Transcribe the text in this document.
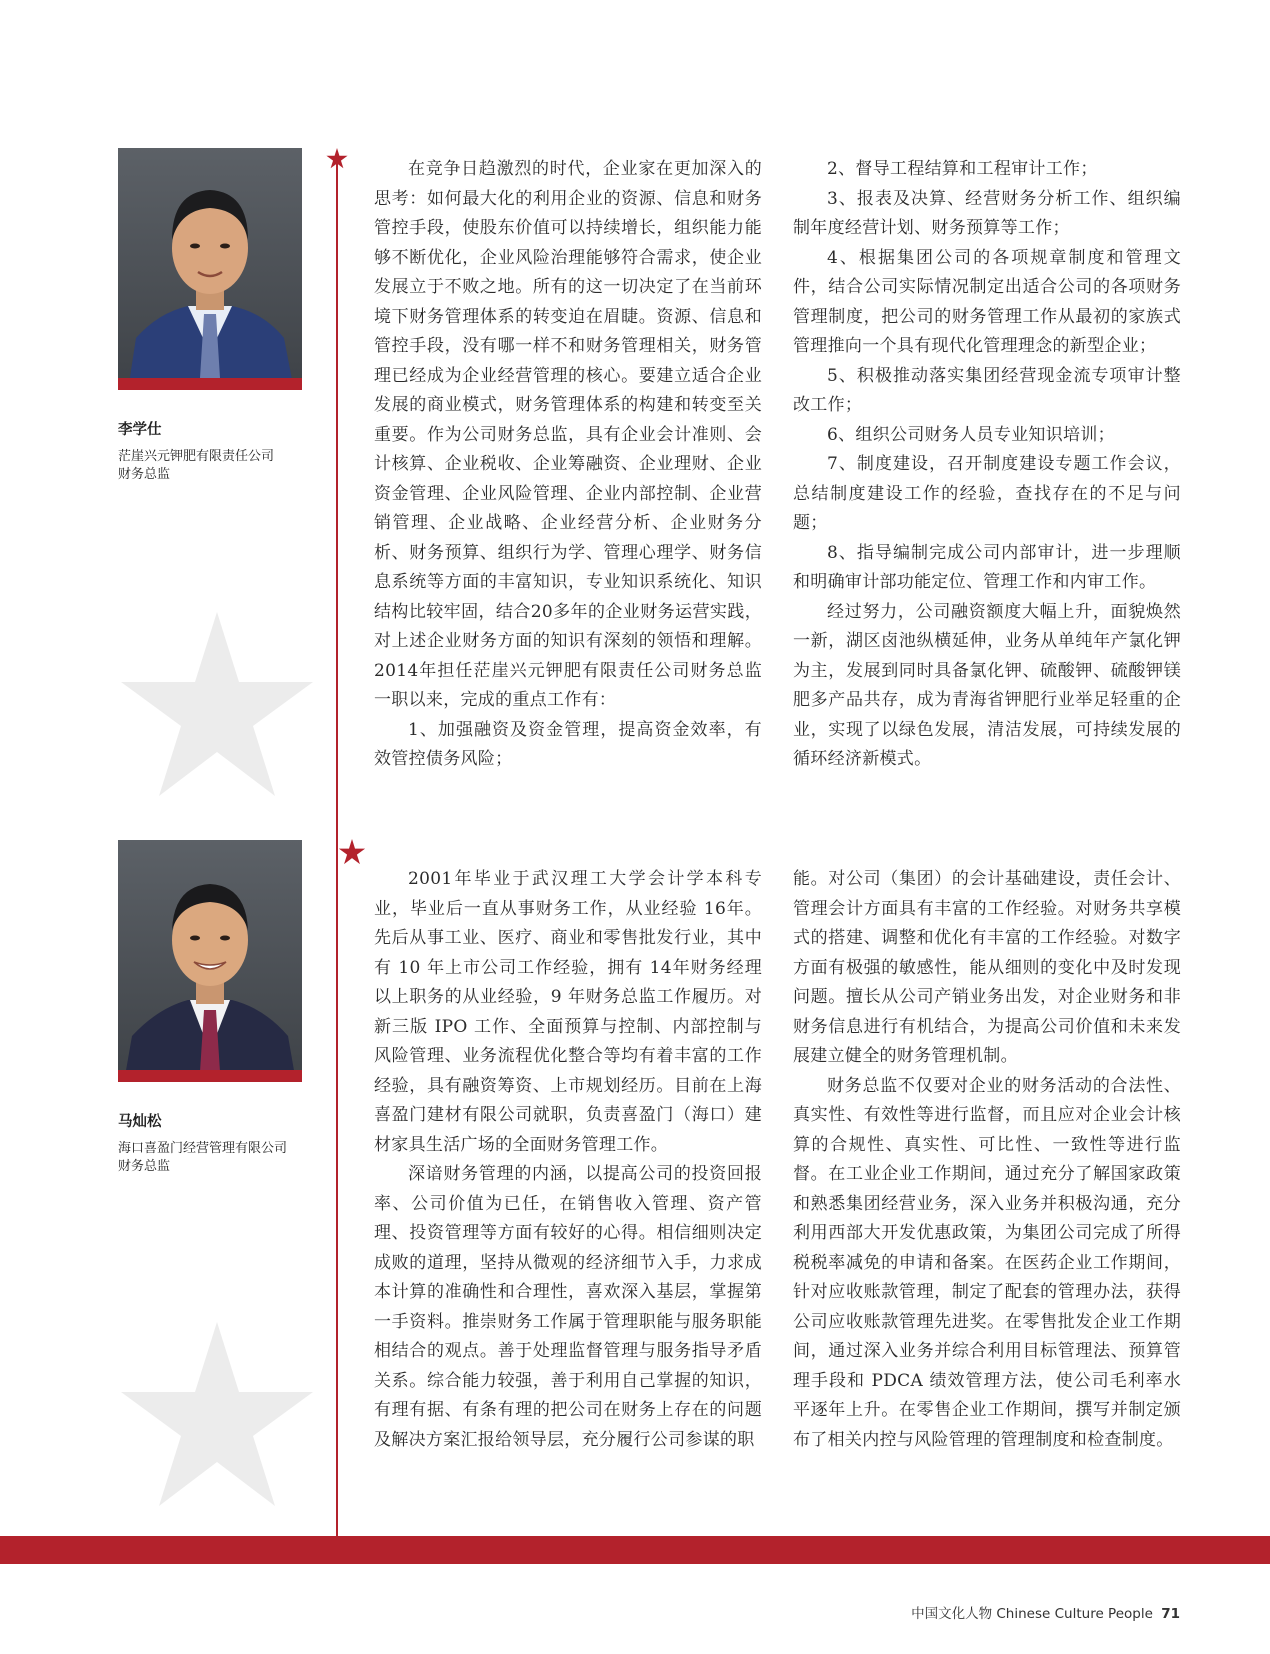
李学仕
茫崖兴元钾肥有限责任公司
财务总监

在竞争日趋激烈的时代，企业家在更加深入的思考：如何最大化的利用企业的资源、信息和财务管控手段，使股东价值可以持续增长，组织能力能够不断优化，企业风险治理能够符合需求，使企业发展立于不败之地。所有的这一切决定了在当前环境下财务管理体系的转变迫在眉睫。资源、信息和管控手段，没有哪一样不和财务管理相关，财务管理已经成为企业经营管理的核心。要建立适合企业发展的商业模式，财务管理体系的构建和转变至关重要。作为公司财务总监，具有企业会计准则、会计核算、企业税收、企业筹融资、企业理财、企业资金管理、企业风险管理、企业内部控制、企业营销管理、企业战略、企业经营分析、企业财务分析、财务预算、组织行为学、管理心理学、财务信息系统等方面的丰富知识，专业知识系统化、知识结构比较牢固，结合20多年的企业财务运营实践，对上述企业财务方面的知识有深刻的领悟和理解。2014年担任茫崖兴元钾肥有限责任公司财务总监一职以来，完成的重点工作有：

1、加强融资及资金管理，提高资金效率，有效管控债务风险；

2、督导工程结算和工程审计工作；

3、报表及决算、经营财务分析工作、组织编制年度经营计划、财务预算等工作；

4、根据集团公司的各项规章制度和管理文件，结合公司实际情况制定出适合公司的各项财务管理制度，把公司的财务管理工作从最初的家族式管理推向一个具有现代化管理理念的新型企业；

5、积极推动落实集团经营现金流专项审计整改工作；

6、组织公司财务人员专业知识培训；

7、制度建设，召开制度建设专题工作会议，总结制度建设工作的经验，查找存在的不足与问题；

8、指导编制完成公司内部审计，进一步理顺和明确审计部功能定位、管理工作和内审工作。

经过努力，公司融资额度大幅上升，面貌焕然一新，湖区卤池纵横延伸，业务从单纯年产氯化钾为主，发展到同时具备氯化钾、硫酸钾、硫酸钾镁肥多产品共存，成为青海省钾肥行业举足轻重的企业，实现了以绿色发展，清洁发展，可持续发展的循环经济新模式。

马灿松
海口喜盈门经营管理有限公司
财务总监

2001年毕业于武汉理工大学会计学本科专业，毕业后一直从事财务工作，从业经验 16年。先后从事工业、医疗、商业和零售批发行业，其中有 10 年上市公司工作经验，拥有 14年财务经理以上职务的从业经验，9 年财务总监工作履历。对新三版 IPO 工作、全面预算与控制、内部控制与风险管理、业务流程优化整合等均有着丰富的工作经验，具有融资筹资、上市规划经历。目前在上海喜盈门建材有限公司就职，负责喜盈门（海口）建材家具生活广场的全面财务管理工作。

深谙财务管理的内涵，以提高公司的投资回报率、公司价值为已任，在销售收入管理、资产管理、投资管理等方面有较好的心得。相信细则决定成败的道理，坚持从微观的经济细节入手，力求成本计算的准确性和合理性，喜欢深入基层，掌握第一手资料。推崇财务工作属于管理职能与服务职能相结合的观点。善于处理监督管理与服务指导矛盾关系。综合能力较强，善于利用自己掌握的知识，有理有据、有条有理的把公司在财务上存在的问题及解决方案汇报给领导层，充分履行公司参谋的职

能。对公司（集团）的会计基础建设，责任会计、管理会计方面具有丰富的工作经验。对财务共享模式的搭建、调整和优化有丰富的工作经验。对数字方面有极强的敏感性，能从细则的变化中及时发现问题。擅长从公司产销业务出发，对企业财务和非财务信息进行有机结合，为提高公司价值和未来发展建立健全的财务管理机制。

财务总监不仅要对企业的财务活动的合法性、真实性、有效性等进行监督，而且应对企业会计核算的合规性、真实性、可比性、一致性等进行监督。在工业企业工作期间，通过充分了解国家政策和熟悉集团经营业务，深入业务并积极沟通，充分利用西部大开发优惠政策，为集团公司完成了所得税税率减免的申请和备案。在医药企业工作期间，针对应收账款管理，制定了配套的管理办法，获得公司应收账款管理先进奖。在零售批发企业工作期间，通过深入业务并综合利用目标管理法、预算管理手段和 PDCA 绩效管理方法，使公司毛利率水平逐年上升。在零售企业工作期间，撰写并制定颁布了相关内控与风险管理的管理制度和检查制度。

中国文化人物 Chinese Culture People 71
